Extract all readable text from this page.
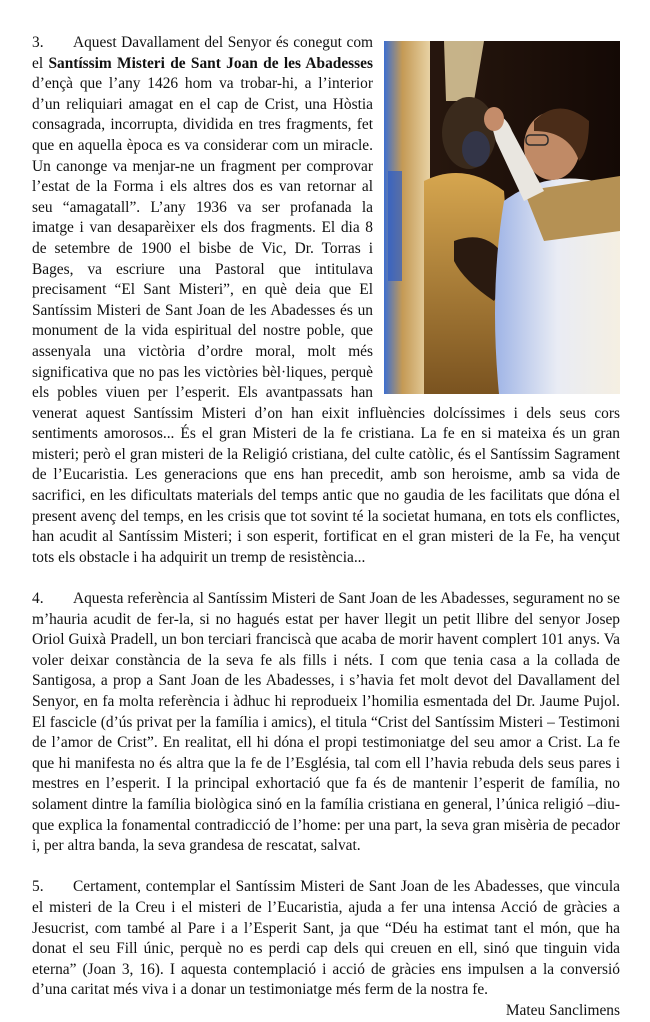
3. Aquest Davallament del Senyor és conegut com el Santíssim Misteri de Sant Joan de les Abadesses d’ençà que l’any 1426 hom va trobar-hi, a l’interior d’un reliquiari amagat en el cap de Crist, una Hòstia consagrada, incorrupta, dividida en tres fragments, fet que en aquella època es va considerar com un miracle. Un canonge va menjar-ne un fragment per comprovar l’estat de la Forma i els altres dos es van retornar al seu “amagatall”. L’any 1936 va ser profanada la imatge i van desaparèixer els dos fragments. El dia 8 de setembre de 1900 el bisbe de Vic, Dr. Torras i Bages, va escriure una Pastoral que intitulava precisament “El Sant Misteri”, en què deia que El Santíssim Misteri de Sant Joan de les Abadesses és un monument de la vida espiritual del nostre poble, que assenyala una victòria d’ordre moral, molt més significativa que no pas les victòries bèl·liques, perquè els pobles viuen per l’esperit. Els avantpassats han venerat aquest Santíssim Misteri d’on han eixit influències dolcíssimes i dels seus cors sentiments amorosos... És el gran Misteri de la fe cristiana. La fe en si mateixa és un gran misteri; però el gran misteri de la Religió cristiana, del culte catòlic, és el Santíssim Sagrament de l’Eucaristia. Les generacions que ens han precedit, amb son heroisme, amb sa vida de sacrifici, en les dificultats materials del temps antic que no gaudia de les facilitats que dóna el present avenç del temps, en les crisis que tot sovint té la societat humana, en tots els conflictes, han acudit al Santíssim Misteri; i son esperit, fortificat en el gran misteri de la Fe, ha vençut tots els obstacle i ha adquirit un tremp de resistència...

4. Aquesta referència al Santíssim Misteri de Sant Joan de les Abadesses, segurament no se m’hauria acudit de fer-la, si no hagués estat per haver llegit un petit llibre del senyor Josep Oriol Guixà Pradell, un bon terciari franciscà que acaba de morir havent complert 101 anys. Va voler deixar constància de la seva fe als fills i néts. I com que tenia casa a la collada de Santigosa, a prop a Sant Joan de les Abadesses, i s’havia fet molt devot del Davallament del Senyor, en fa molta referència i àdhuc hi reprodueix l’homilia esmentada del Dr. Jaume Pujol. El fascicle (d’ús privat per la família i amics), el titula “Crist del Santíssim Misteri – Testimoni de l’amor de Crist”. En realitat, ell hi dóna el propi testimoniatge del seu amor a Crist. La fe que hi manifesta no és altra que la fe de l’Església, tal com ell l’havia rebuda dels seus pares i mestres en l’esperit. I la principal exhortació que fa és de mantenir l’esperit de família, no solament dintre la família biològica sinó en la família cristiana en general, l’única religió –diu- que explica la fonamental contradicció de l’home: per una part, la seva gran misèria de pecador i, per altra banda, la seva grandesa de rescatat, salvat.

5. Certament, contemplar el Santíssim Misteri de Sant Joan de les Abadesses, que vincula el misteri de la Creu i el misteri de l’Eucaristia, ajuda a fer una intensa Acció de gràcies a Jesucrist, com també al Pare i a l’Esperit Sant, ja que “Déu ha estimat tant el món, que ha donat el seu Fill únic, perquè no es perdi cap dels qui creuen en ell, sinó que tinguin vida eterna” (Joan 3, 16). I aquesta contemplació i acció de gràcies ens impulsen a la conversió d’una caritat més viva i a donar un testimoniatge més ferm de la nostra fe.

Mateu Sanclimens
